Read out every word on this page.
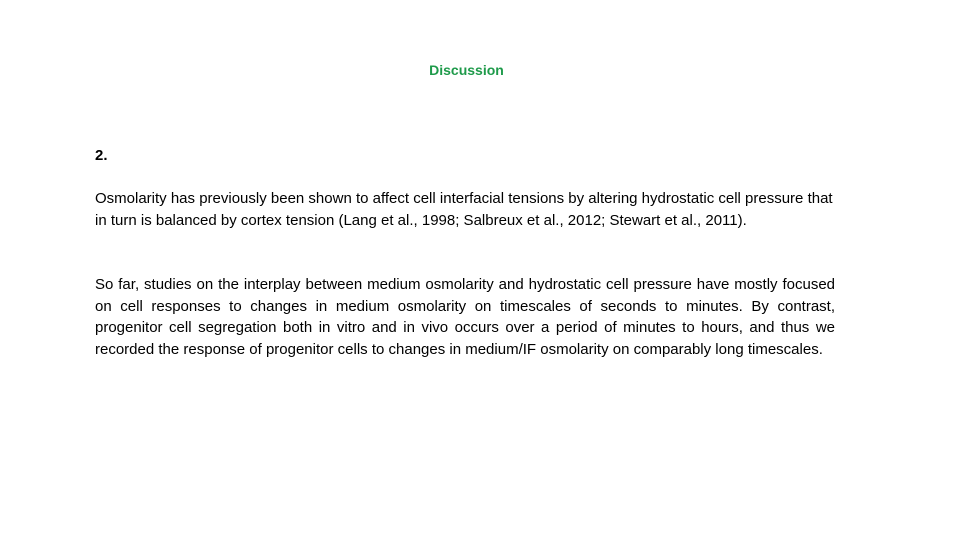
Discussion
2.

Osmolarity has previously been shown to affect cell interfacial tensions by altering hydrostatic cell pressure that in turn is balanced by cortex tension (Lang et al., 1998; Salbreux et al., 2012; Stewart et al., 2011).

So far, studies on the interplay between medium osmolarity and hydrostatic cell pressure have mostly focused on cell responses to changes in medium osmolarity on timescales of seconds to minutes. By contrast, progenitor cell segregation both in vitro and in vivo occurs over a period of minutes to hours, and thus we recorded the response of progenitor cells to changes in medium/IF osmolarity on comparably long timescales.
